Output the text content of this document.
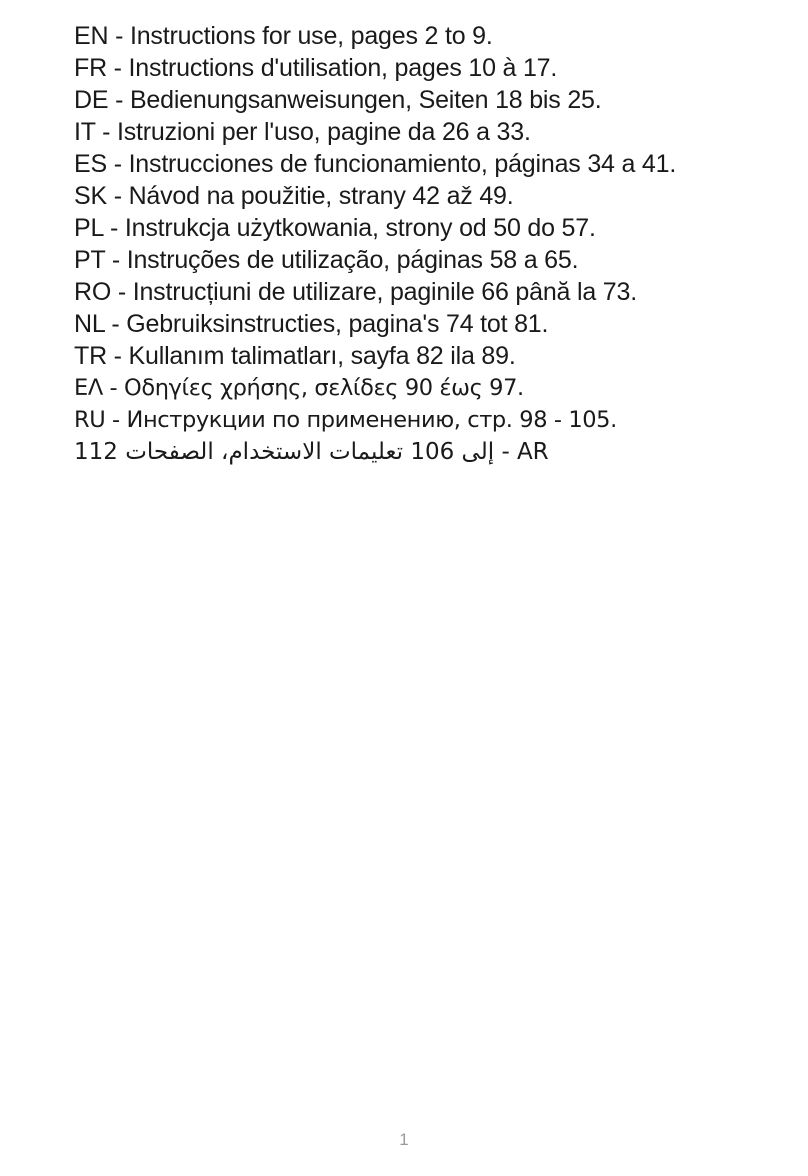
EN - Instructions for use, pages 2 to 9.
FR - Instructions d'utilisation, pages 10 à 17.
DE - Bedienungsanweisungen, Seiten 18 bis 25.
IT - Istruzioni per l'uso, pagine da 26 a 33.
ES - Instrucciones de funcionamiento, páginas 34 a 41.
SK - Návod na použitie, strany 42 až 49.
PL - Instrukcja użytkowania, strony od 50 do 57.
PT - Instruções de utilização, páginas 58 a 65.
RO - Instrucțiuni de utilizare, paginile 66 până la 73.
NL - Gebruiksinstructies, pagina's 74 tot 81.
TR - Kullanım talimatları, sayfa 82 ila 89.
ΕΛ - Οδηγίες χρήσης, σελίδες 90 έως 97.
RU - Инструкции по применению, стр. 98 - 105.
112 إلى 106 تعليمات الاستخدام، الصفحات - AR
1
